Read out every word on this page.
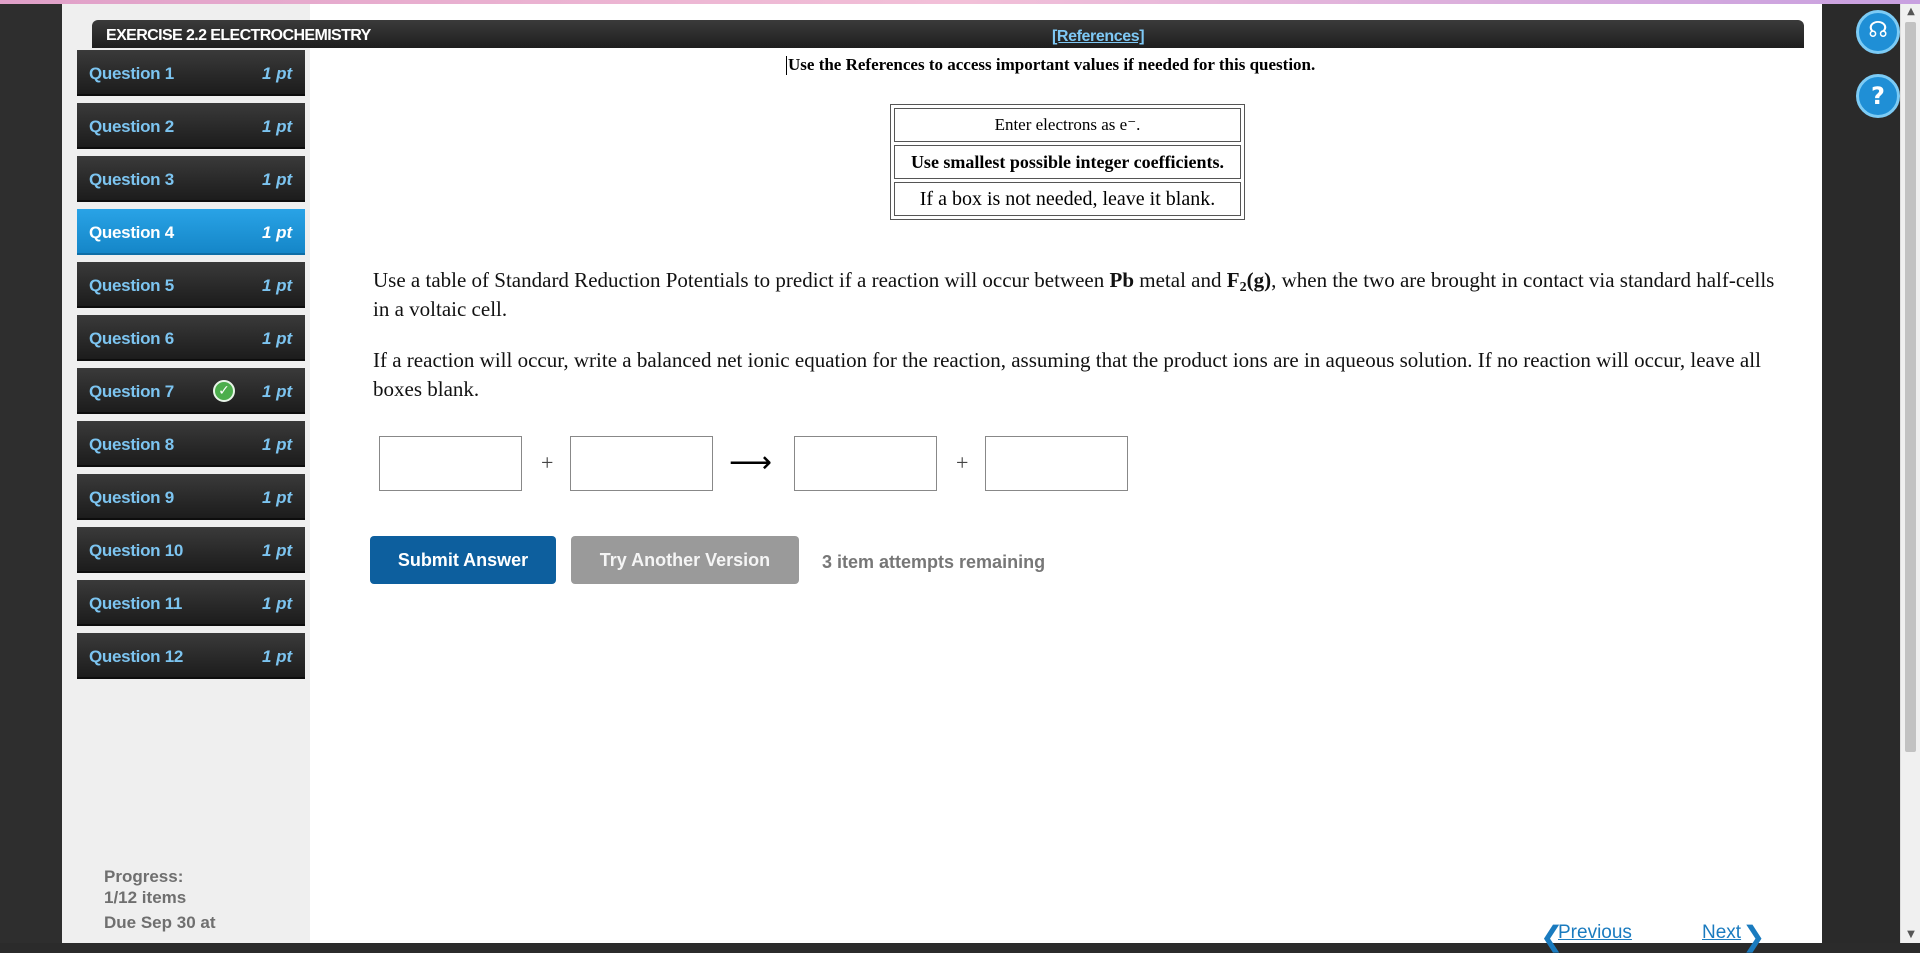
▲
▼
☊
?
EXERCISE 2.2 ELECTROCHEMISTRY	[References]
Question 1	1 pt
Question 2	1 pt
Question 3	1 pt
Question 4	1 pt
Question 5	1 pt
Question 6	1 pt
Question 7	✓	1 pt
Question 8	1 pt
Question 9	1 pt
Question 10	1 pt
Question 11	1 pt
Question 12	1 pt
Progress:
1/12 items
Due Sep 30 at
Use the References to access important values if needed for this question.
Enter electrons as e⁻.
Use smallest possible integer coefficients.
If a box is not needed, leave it blank.

Use a table of Standard Reduction Potentials to predict if a reaction will occur between Pb metal and $F_2(g)$, when the two are brought in contact via standard half-cells in a voltaic cell.

If a reaction will occur, write a balanced net ionic equation for the reaction, assuming that the product ions are in aqueous solution. If no reaction will occur, leave all boxes blank.

+	⟶	+
Submit Answer	Try Another Version	3 item attempts remaining
❮
Previous	Next ❯
